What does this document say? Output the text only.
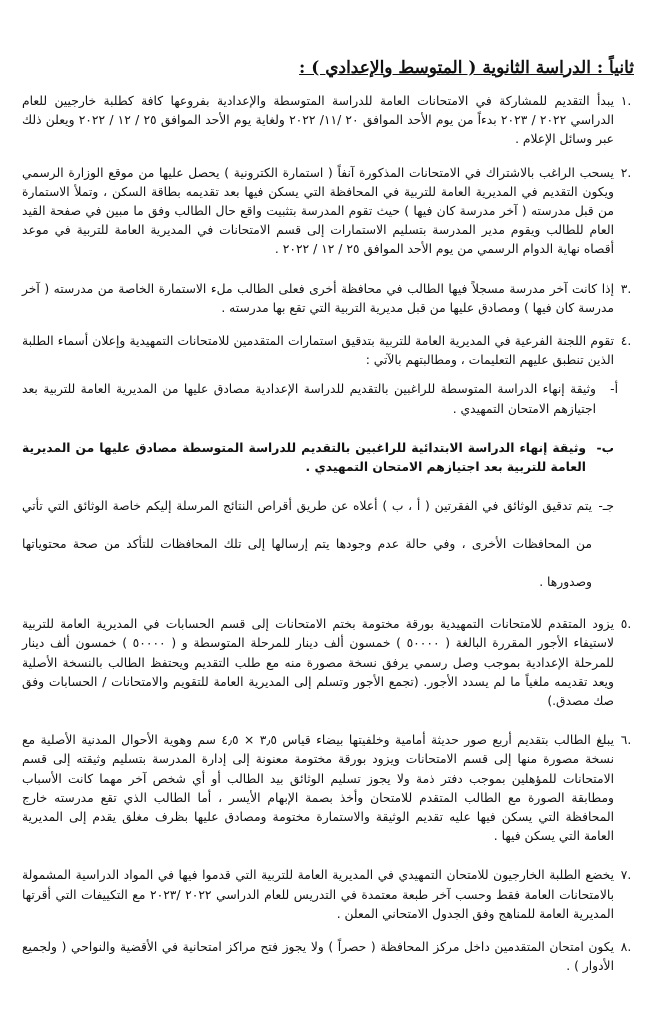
ثانياً : الدراسة الثانوية ( المتوسط والإعدادي ) :
.١
يبدأ التقديم للمشاركة في الامتحانات العامة للدراسة المتوسطة والإعدادية بفروعها كافة كطلبة خارجيين للعام الدراسي ٢٠٢٢ / ٢٠٢٣ بدءاً من يوم الأحد الموافق ٢٠ /١١/ ٢٠٢٢ ولغاية يوم الأحد الموافق ٢٥ / ١٢ / ٢٠٢٢ ويعلن ذلك عبر وسائل الإعلام .
.٢
يسحب الراغب بالاشتراك في الامتحانات المذكورة آنفاً ( استمارة الكترونية ) يحصل عليها من موقع الوزارة الرسمي ويكون التقديم في المديرية العامة للتربية في المحافظة التي يسكن فيها بعد تقديمه بطاقة السكن ، وتملأ الاستمارة من قبل مدرسته ( آخر مدرسة كان فيها ) حيث تقوم المدرسة بتثبيت واقع حال الطالب وفق ما مبين في صفحة القيد العام للطالب ويقوم مدير المدرسة بتسليم الاستمارات إلى قسم الامتحانات في المديرية العامة للتربية في موعد أقصاه نهاية الدوام الرسمي من يوم الأحد الموافق ٢٥ / ١٢ / ٢٠٢٢ .
.٣
إذا كانت آخر مدرسة مسجلاً فيها الطالب في محافظة أخرى فعلى الطالب ملء الاستمارة الخاصة من مدرسته ( آخر مدرسة كان فيها ) ومصادق عليها من قبل مديرية التربية التي تقع بها مدرسته .
.٤
تقوم اللجنة الفرعية في المديرية العامة للتربية بتدقيق استمارات المتقدمين للامتحانات التمهيدية وإعلان أسماء الطلبة الذين تنطبق عليهم التعليمات ، ومطالبتهم بالآتي :
أ-
وثيقة إنهاء الدراسة المتوسطة للراغبين بالتقديم للدراسة الإعدادية مصادق عليها من المديرية العامة للتربية بعد اجتيازهم الامتحان التمهيدي .
ب-
وثيقة إنهاء الدراسة الابتدائية للراغبين بالتقديم للدراسة المتوسطة مصادق عليها من المديرية العامة للتربية بعد اجتيازهم الامتحان التمهيدي .
جـ-
يتم تدقيق الوثائق في الفقرتين ( أ ، ب ) أعلاه عن طريق أقراص النتائج المرسلة إليكم خاصة الوثائق التي تأتي من المحافظات الأخرى ، وفي حالة عدم وجودها يتم إرسالها إلى تلك المحافظات للتأكد من صحة محتوياتها وصدورها .
.٥
يزود المتقدم للامتحانات التمهيدية بورقة مختومة بختم الامتحانات إلى قسم الحسابات في المديرية العامة للتربية لاستيفاء الأجور المقررة البالغة ( ٥٠٠٠٠ ) خمسون ألف دينار للمرحلة المتوسطة و ( ٥٠٠٠٠ ) خمسون ألف دينار للمرحلة الإعدادية بموجب وصل رسمي يرفق نسخة مصورة منه مع طلب التقديم ويحتفظ الطالب بالنسخة الأصلية ويعد تقديمه ملغياً ما لم يسدد الأجور. (تجمع الأجور وتسلم إلى المديرية العامة للتقويم والامتحانات / الحسابات وفق صك مصدق.)
.٦
يبلغ الطالب بتقديم أربع صور حديثة أمامية وخلفيتها بيضاء قياس ٣٫٥ × ٤٫٥ سم وهوية الأحوال المدنية الأصلية مع نسخة مصورة منها إلى قسم الامتحانات ويزود بورقة مختومة معنونة إلى إدارة المدرسة بتسليم وثيقته إلى قسم الامتحانات للمؤهلين بموجب دفتر ذمة ولا يجوز تسليم الوثائق بيد الطالب أو أي شخص آخر مهما كانت الأسباب ومطابقة الصورة مع الطالب المتقدم للامتحان وأخذ بصمة الإبهام الأيسر ، أما الطالب الذي تقع مدرسته خارج المحافظة التي يسكن فيها عليه تقديم الوثيقة والاستمارة مختومة ومصادق عليها بظرف مغلق يقدم إلى المديرية العامة التي يسكن فيها .
.٧
يخضع الطلبة الخارجيون للامتحان التمهيدي في المديرية العامة للتربية التي قدموا فيها في المواد الدراسية المشمولة بالامتحانات العامة فقط وحسب آخر طبعة معتمدة في التدريس للعام الدراسي ٢٠٢٢ /٢٠٢٣ مع التكييفات التي أقرتها المديرية العامة للمناهج وفق الجدول الامتحاني المعلن .
.٨
يكون امتحان المتقدمين داخل مركز المحافظة ( حصراً ) ولا يجوز فتح مراكز امتحانية في الأقضية والنواحي ( ولجميع الأدوار ) .
